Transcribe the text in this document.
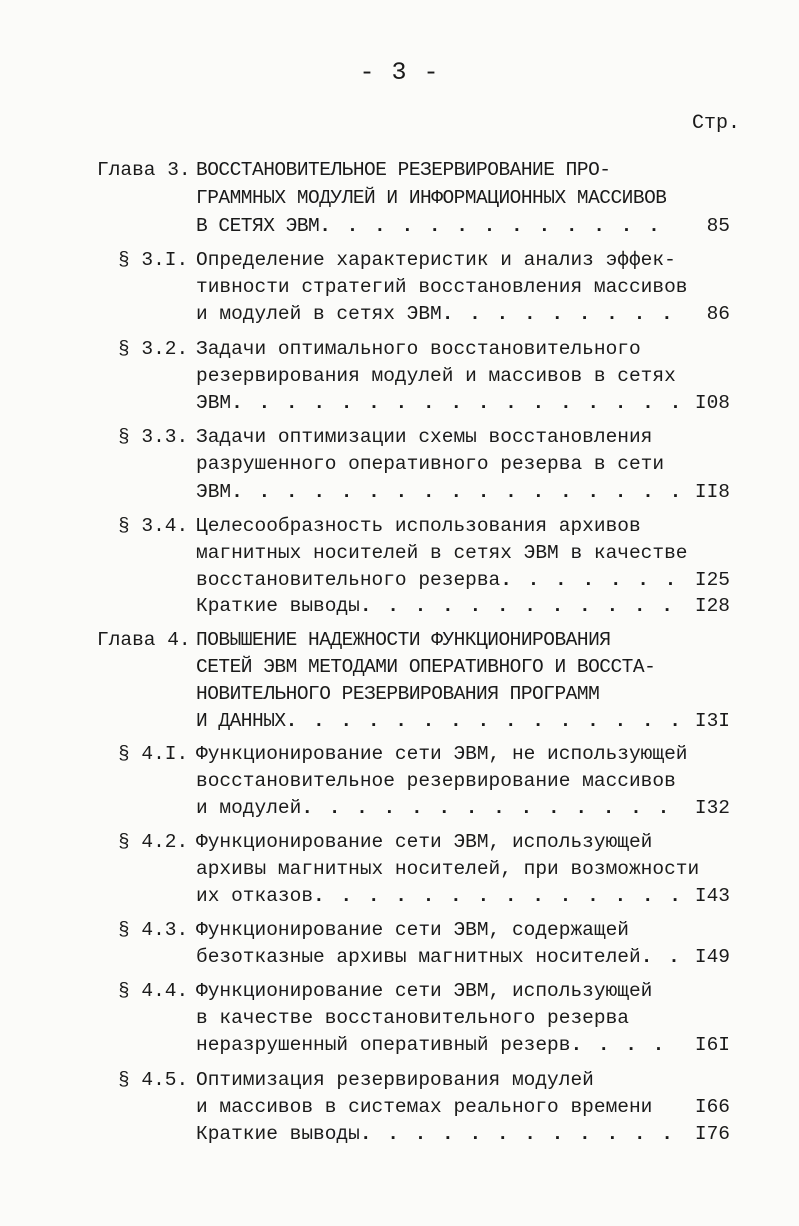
- 3 -
Стр.
Глава 3. ВОССТАНОВИТЕЛЬНОЕ РЕЗЕРВИРОВАНИЕ ПРО-
ГРАММНЫХ МОДУЛЕЙ И ИНФОРМАЦИОННЫХ МАССИВОВ
В СЕТЯХ ЭВМ . . .	85
§ 3.I. Определение характеристик и анализ эффек-
тивности стратегий восстановления массивов
и модулей в сетях ЭВМ . . .	86
§ 3.2. Задачи оптимального восстановительного
резервирования модулей и массивов в сетях
ЭВМ . . .	I08
§ 3.3. Задачи оптимизации схемы восстановления
разрушенного оперативного резерва в сети
ЭВМ . . .	II8
§ 3.4. Целесообразность использования архивов
магнитных носителей в сетях ЭВМ в качестве
восстановительного резерва . . .	I25
Краткие выводы . . .	I28
Глава 4. ПОВЫШЕНИЕ НАДЕЖНОСТИ ФУНКЦИОНИРОВАНИЯ
СЕТЕЙ ЭВМ МЕТОДАМИ ОПЕРАТИВНОГО И ВОССТА-
НОВИТЕЛЬНОГО РЕЗЕРВИРОВАНИЯ ПРОГРАММ
И ДАННЫХ . . .	I3I
§ 4.I. Функционирование сети ЭВМ, не использующей
восстановительное резервирование массивов
и модулей . . .	I32
§ 4.2. Функционирование сети ЭВМ, использующей
архивы магнитных носителей, при возможности
их отказов . . .	I43
§ 4.3. Функционирование сети ЭВМ, содержащей
безотказные архивы магнитных носителей . . .	I49
§ 4.4. Функционирование сети ЭВМ, использующей
в качестве восстановительного резерва
неразрушенный оперативный резерв . . .	I6I
§ 4.5. Оптимизация резервирования модулей
и массивов в системах реального времени	I66
Краткие выводы . . .	I76
